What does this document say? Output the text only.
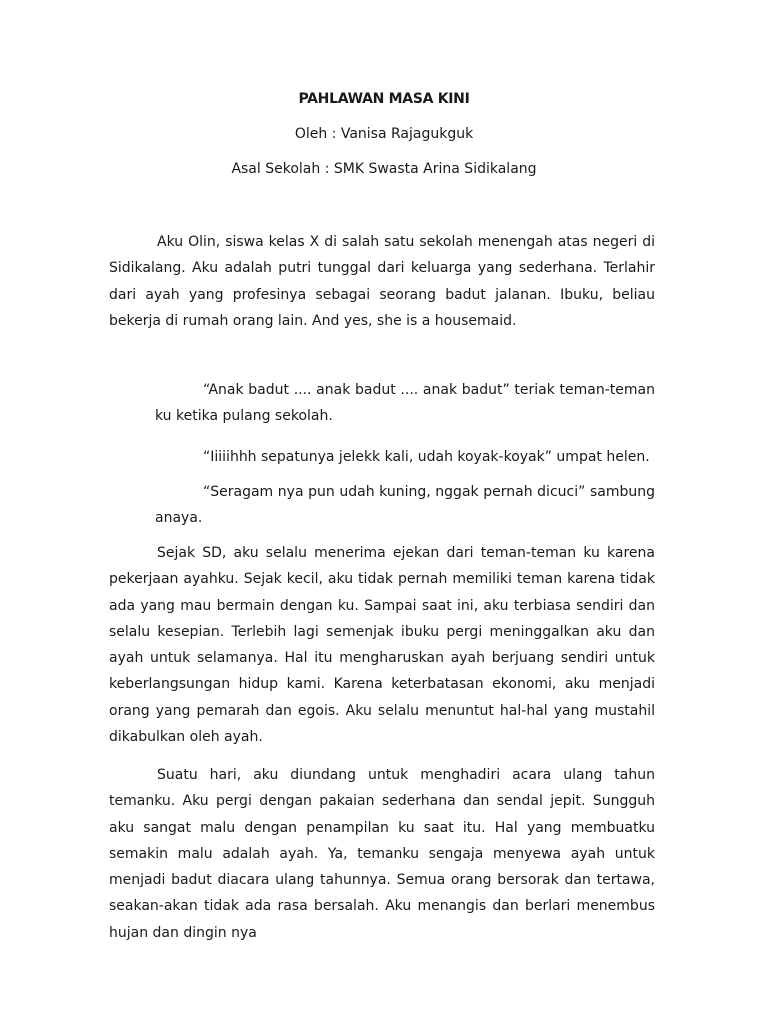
PAHLAWAN MASA KINI

Oleh : Vanisa Rajagukguk

Asal Sekolah : SMK Swasta Arina Sidikalang

Aku Olin, siswa kelas X di salah satu sekolah menengah atas negeri di Sidikalang. Aku adalah putri tunggal dari keluarga yang sederhana. Terlahir dari ayah yang profesinya sebagai seorang badut jalanan. Ibuku, beliau bekerja di rumah orang lain. And yes, she is a housemaid.

“Anak badut .... anak badut .... anak badut” teriak teman-teman ku ketika pulang sekolah.

“Iiiiihhh sepatunya jelekk kali, udah koyak-koyak” umpat helen.

“Seragam nya pun udah kuning, nggak pernah dicuci” sambung anaya.

Sejak SD, aku selalu menerima ejekan dari teman-teman ku karena pekerjaan ayahku. Sejak kecil, aku tidak pernah memiliki teman karena tidak ada yang mau bermain dengan ku. Sampai saat ini, aku terbiasa sendiri dan selalu kesepian. Terlebih lagi semenjak ibuku pergi meninggalkan aku dan ayah untuk selamanya. Hal itu mengharuskan ayah berjuang sendiri untuk keberlangsungan hidup kami. Karena keterbatasan ekonomi, aku menjadi orang yang pemarah dan egois. Aku selalu menuntut hal-hal yang mustahil dikabulkan oleh ayah.

Suatu hari, aku diundang untuk menghadiri acara ulang tahun temanku. Aku pergi dengan pakaian sederhana dan sendal jepit. Sungguh aku sangat malu dengan penampilan ku saat itu. Hal yang membuatku semakin malu adalah ayah. Ya, temanku sengaja menyewa ayah untuk menjadi badut diacara ulang tahunnya. Semua orang bersorak dan tertawa, seakan-akan tidak ada rasa bersalah. Aku menangis dan berlari menembus hujan dan dingin nya
